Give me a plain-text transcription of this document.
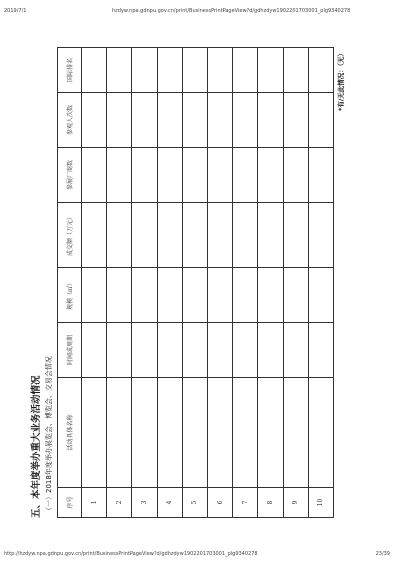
2019/7/1	hzdyw.npa.gdnpu.gov.cn/print/BusinessPrintPageView?d/gdhzdyw1902201703001_plg9340278
五、本年度举办重大业务活动情况 （一）2018年度举办展览会、博览会、交易会情况	序号	活动具体名称	时间或周期	规模（㎡）	成交额（万元）	参展厂商数	参观人次数	国际排名
1							
2							
3							
4							
5							
6							
7							
8							
9							
10							
*有/无此情况：（无）
http://hzdyw.npa.gdnpu.gov.cn/print/BusinessPrintPageView?d/gdhzdyw1902201703001_plg9340278	23/39
